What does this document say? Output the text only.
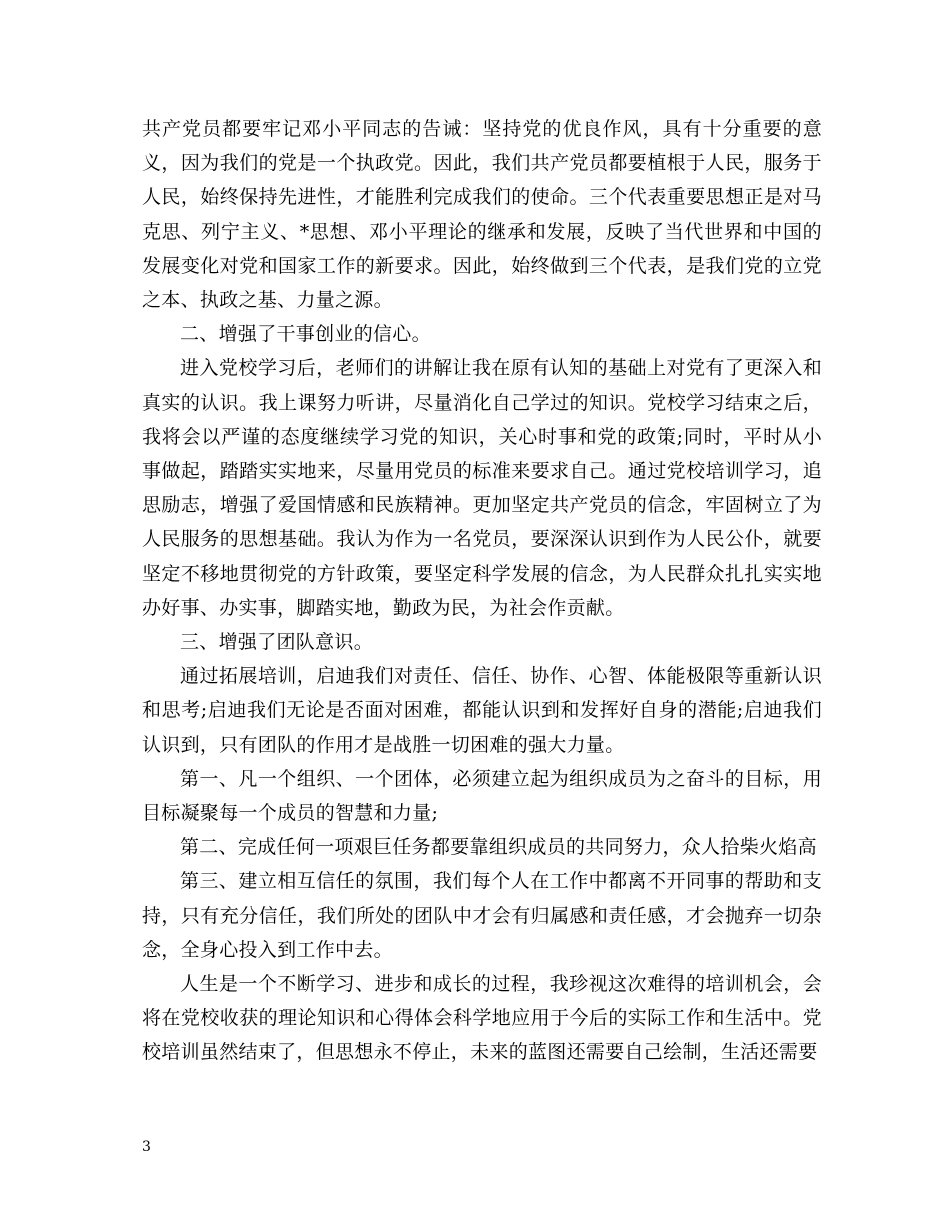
共产党员都要牢记邓小平同志的告诫：坚持党的优良作风，具有十分重要的意义，因为我们的党是一个执政党。因此，我们共产党员都要植根于人民，服务于人民，始终保持先进性，才能胜利完成我们的使命。三个代表重要思想正是对马克思、列宁主义、*思想、邓小平理论的继承和发展，反映了当代世界和中国的发展变化对党和国家工作的新要求。因此，始终做到三个代表，是我们党的立党之本、执政之基、力量之源。

二、增强了干事创业的信心。

进入党校学习后，老师们的讲解让我在原有认知的基础上对党有了更深入和真实的认识。我上课努力听讲，尽量消化自己学过的知识。党校学习结束之后，我将会以严谨的态度继续学习党的知识，关心时事和党的政策;同时，平时从小事做起，踏踏实实地来，尽量用党员的标准来要求自己。通过党校培训学习，追思励志，增强了爱国情感和民族精神。更加坚定共产党员的信念，牢固树立了为人民服务的思想基础。我认为作为一名党员，要深深认识到作为人民公仆，就要坚定不移地贯彻党的方针政策，要坚定科学发展的信念，为人民群众扎扎实实地办好事、办实事，脚踏实地，勤政为民，为社会作贡献。

三、增强了团队意识。

通过拓展培训，启迪我们对责任、信任、协作、心智、体能极限等重新认识和思考;启迪我们无论是否面对困难，都能认识到和发挥好自身的潜能;启迪我们认识到，只有团队的作用才是战胜一切困难的强大力量。

第一、凡一个组织、一个团体，必须建立起为组织成员为之奋斗的目标，用目标凝聚每一个成员的智慧和力量;

第二、完成任何一项艰巨任务都要靠组织成员的共同努力，众人拾柴火焰高

第三、建立相互信任的氛围，我们每个人在工作中都离不开同事的帮助和支持，只有充分信任，我们所处的团队中才会有归属感和责任感，才会抛弃一切杂念，全身心投入到工作中去。

人生是一个不断学习、进步和成长的过程，我珍视这次难得的培训机会，会将在党校收获的理论知识和心得体会科学地应用于今后的实际工作和生活中。党校培训虽然结束了，但思想永不停止，未来的蓝图还需要自己绘制，生活还需要

3
